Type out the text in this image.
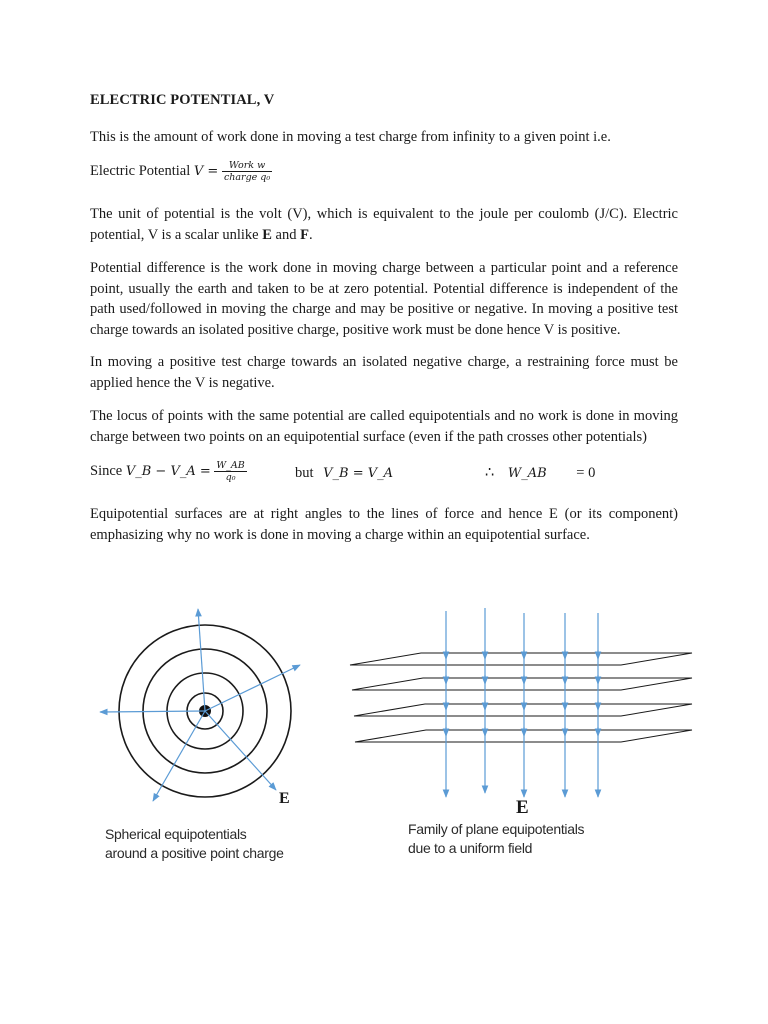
ELECTRIC POTENTIAL, V

This is the amount of work done in moving a test charge from infinity to a given point i.e.

Electric Potential $V = \frac{\text{Work w}}{\text{charge q₀}}$

The unit of potential is the volt (V), which is equivalent to the joule per coulomb (J/C). Electric potential, V is a scalar unlike E and F.

Potential difference is the work done in moving charge between a particular point and a reference point, usually the earth and taken to be at zero potential. Potential difference is independent of the path used/followed in moving the charge and may be positive or negative. In moving a positive test charge towards an isolated positive charge, positive work must be done hence V is positive.

In moving a positive test charge towards an isolated negative charge, a restraining force must be applied hence the V is negative.

The locus of points with the same potential are called equipotentials and no work is done in moving charge between two points on an equipotential surface (even if the path crosses other potentials)

Since V_B − V_A = $\frac{W\_AB}{\text{q₀}}$	but V_B = V_A	∴ W_AB = 0

Equipotential surfaces are at right angles to the lines of force and hence E (or its component) emphasizing why no work is done in moving a charge within an equipotential surface.

E	E
Spherical equipotentials
around a positive point charge
Family of plane equipotentials
due to a uniform field
